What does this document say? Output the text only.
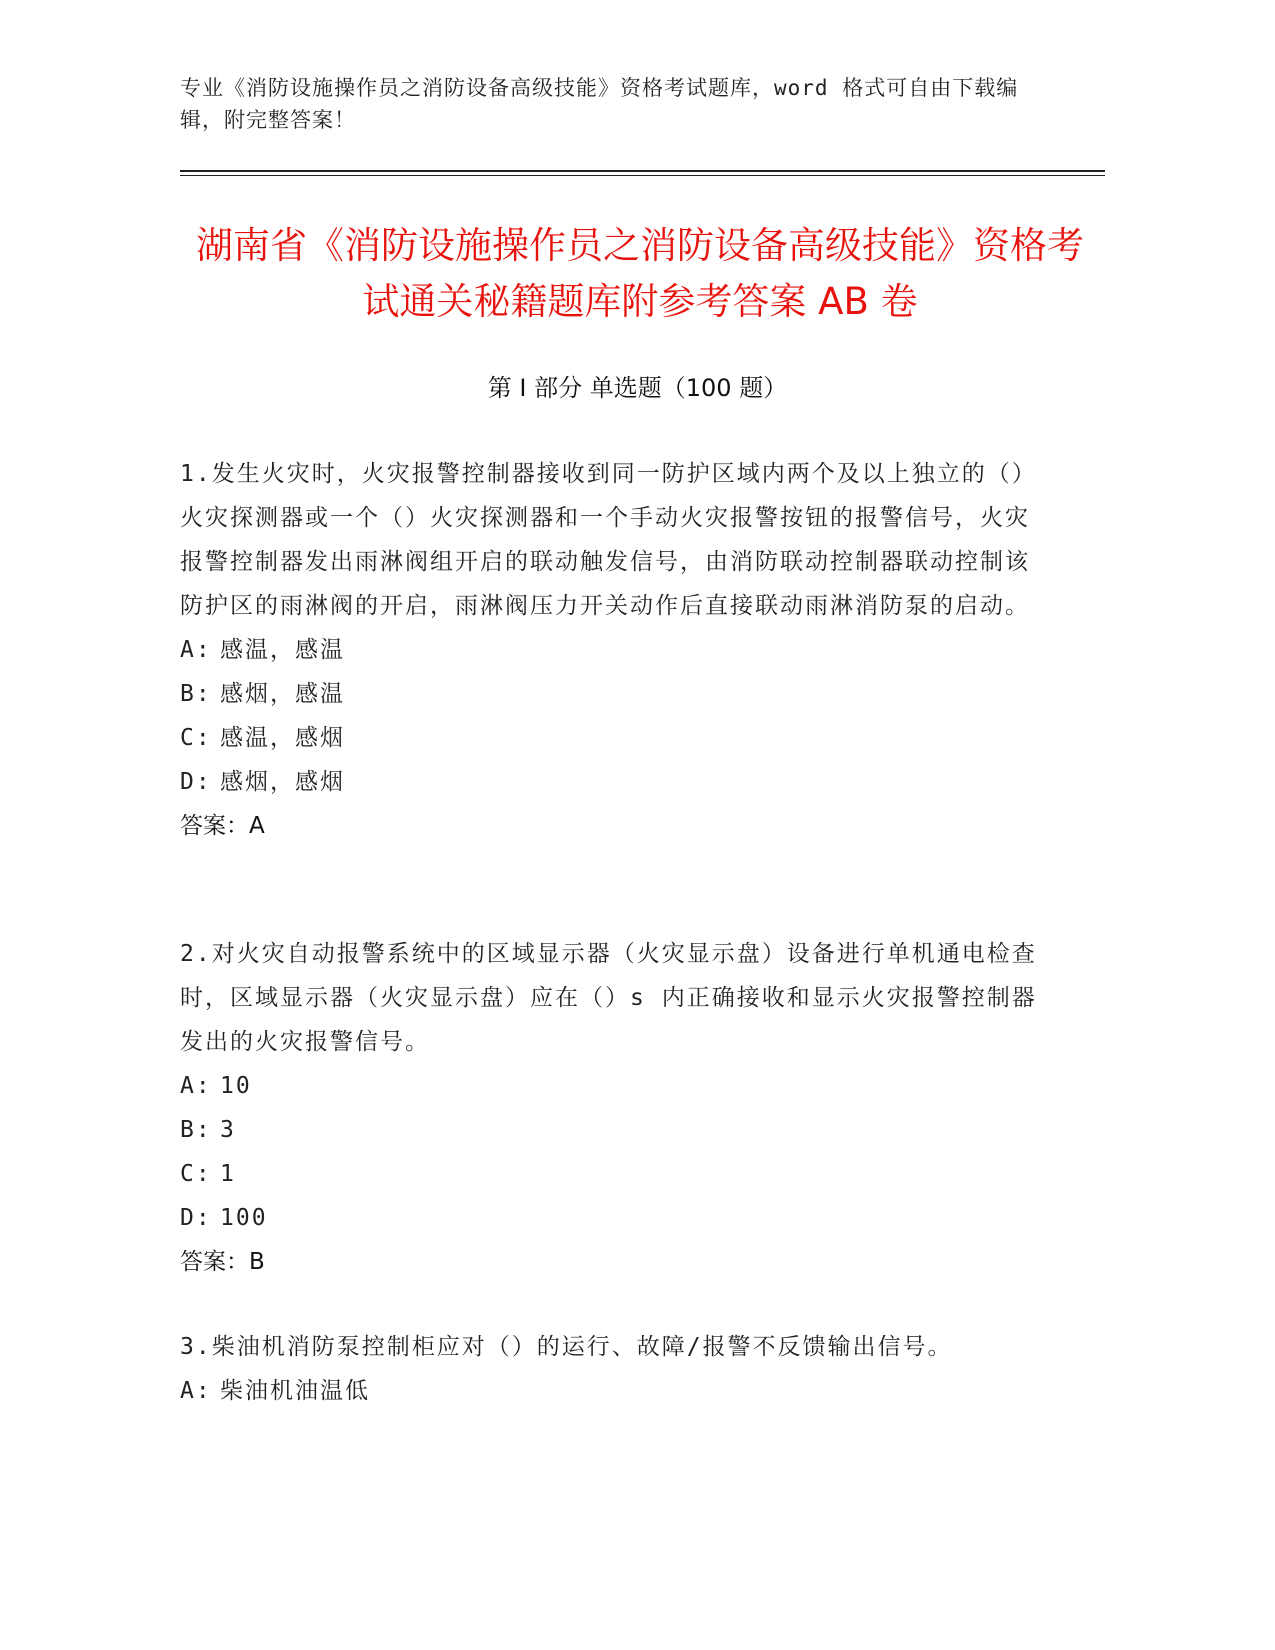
专业《消防设施操作员之消防设备高级技能》资格考试题库，word 格式可自由下载编辑，附完整答案！
湖南省《消防设施操作员之消防设备高级技能》资格考试通关秘籍题库附参考答案 AB 卷
第 I 部分 单选题（100 题）

1.发生火灾时，火灾报警控制器接收到同一防护区域内两个及以上独立的（）火灾探测器或一个（）火灾探测器和一个手动火灾报警按钮的报警信号，火灾报警控制器发出雨淋阀组开启的联动触发信号，由消防联动控制器联动控制该防护区的雨淋阀的开启，雨淋阀压力开关动作后直接联动雨淋消防泵的启动。

A: 感温，感温

B: 感烟，感温

C: 感温，感烟

D: 感烟，感烟

答案：A

2.对火灾自动报警系统中的区域显示器（火灾显示盘）设备进行单机通电检查时，区域显示器（火灾显示盘）应在（）s 内正确接收和显示火灾报警控制器发出的火灾报警信号。

A: 10

B: 3

C: 1

D: 100

答案：B

3.柴油机消防泵控制柜应对（）的运行、故障/报警不反馈输出信号。

A: 柴油机油温低
